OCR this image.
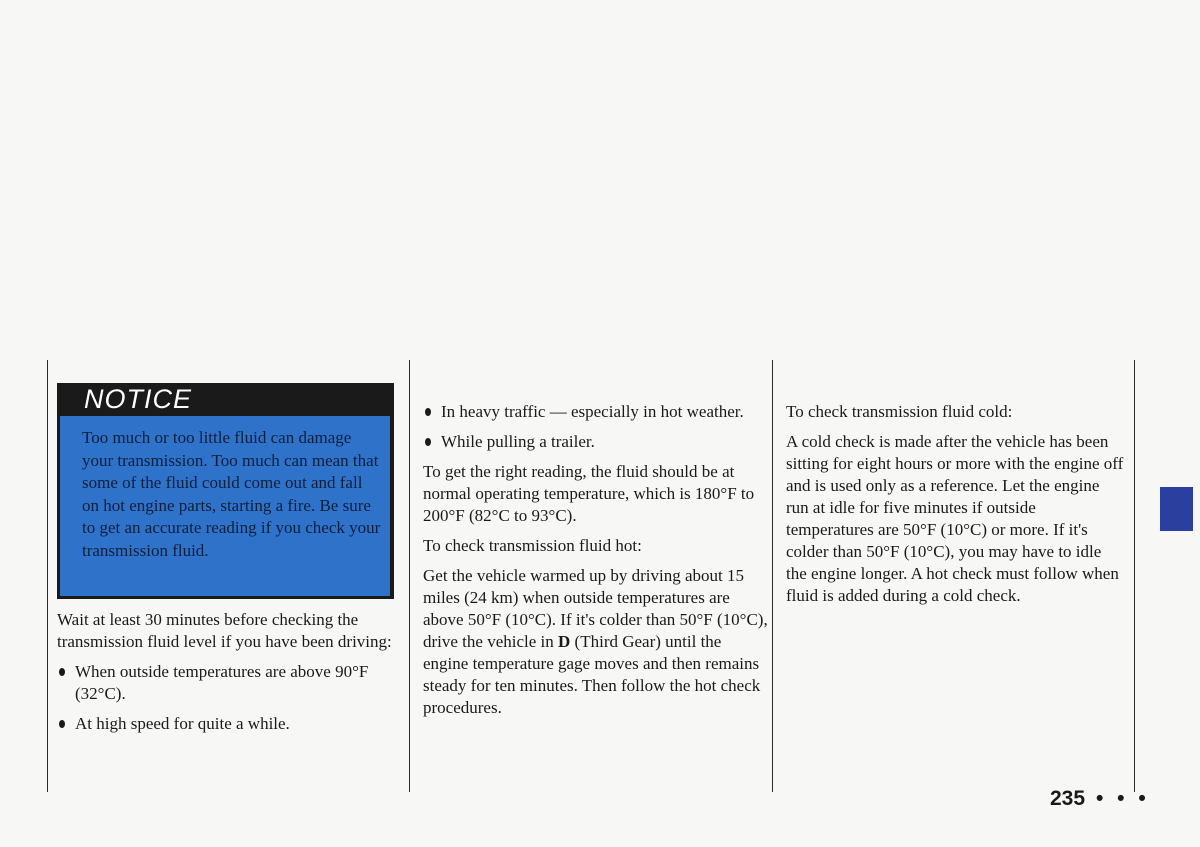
NOTICE
Too much or too little fluid can damage your transmission. Too much can mean that some of the fluid could come out and fall on hot engine parts, starting a fire. Be sure to get an accurate reading if you check your transmission fluid.

Wait at least 30 minutes before checking the transmission fluid level if you have been driving:

When outside temperatures are above 90°F (32°C).
At high speed for quite a while.
In heavy traffic — especially in hot weather.
While pulling a trailer.

To get the right reading, the fluid should be at normal operating temperature, which is 180°F to 200°F (82°C to 93°C).

To check transmission fluid hot:

Get the vehicle warmed up by driving about 15 miles (24 km) when outside temperatures are above 50°F (10°C). If it's colder than 50°F (10°C), drive the vehicle in D (Third Gear) until the engine temperature gage moves and then remains steady for ten minutes. Then follow the hot check procedures.

To check transmission fluid cold:

A cold check is made after the vehicle has been sitting for eight hours or more with the engine off and is used only as a reference. Let the engine run at idle for five minutes if outside temperatures are 50°F (10°C) or more. If it's colder than 50°F (10°C), you may have to idle the engine longer. A hot check must follow when fluid is added during a cold check.

235 • • •
